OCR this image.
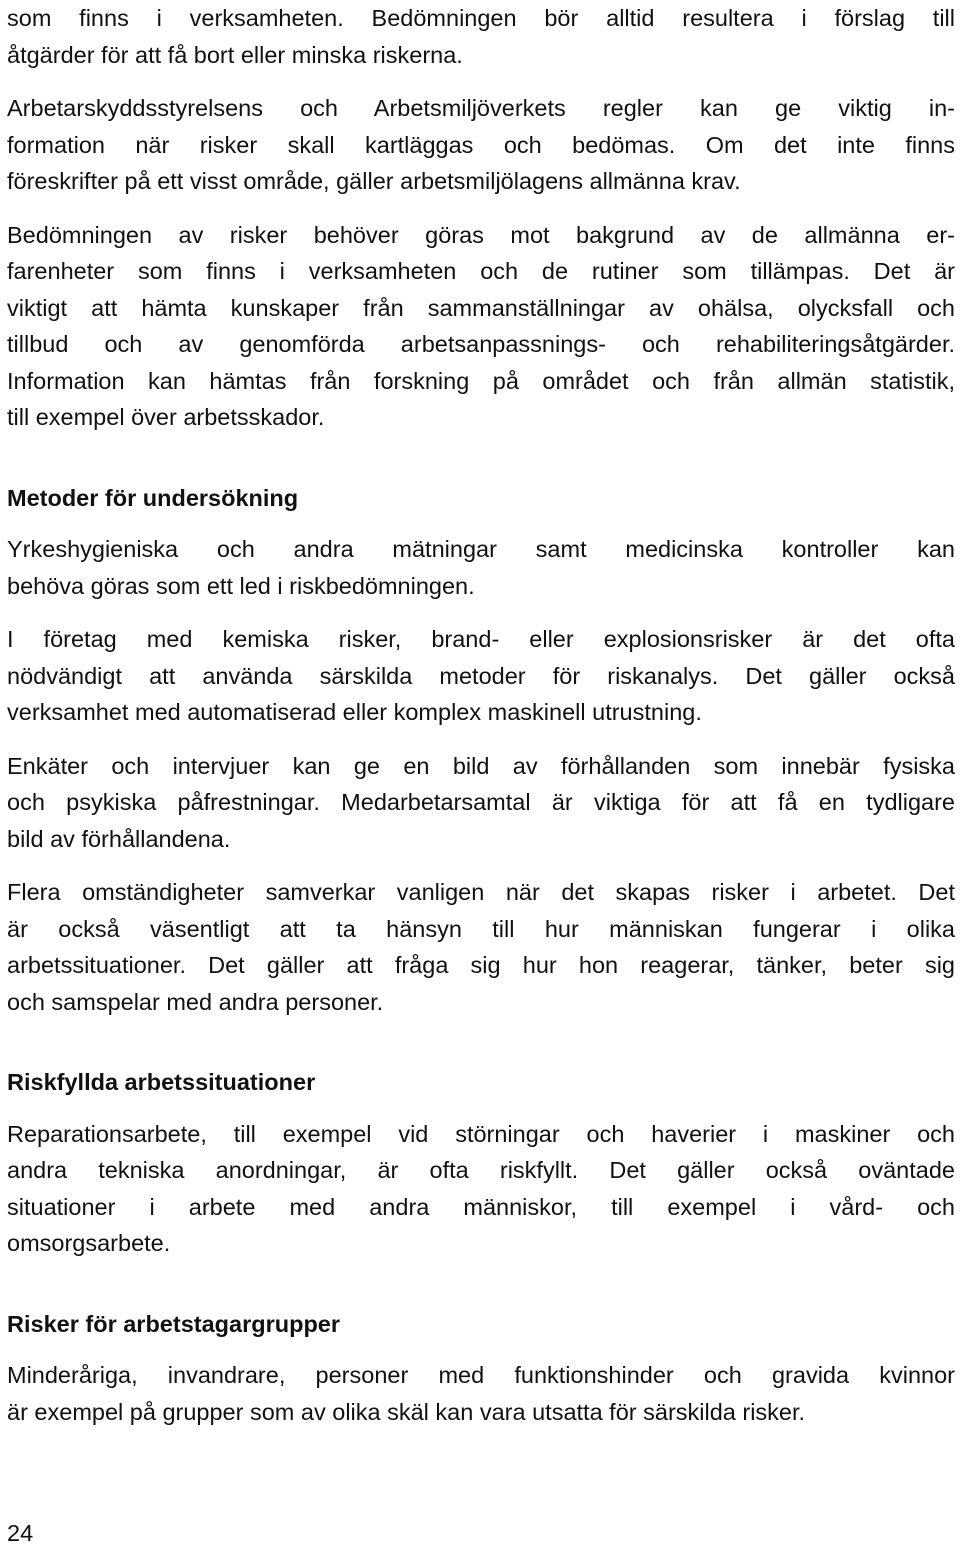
som finns i verksamheten. Bedömningen bör alltid resultera i förslag till
åtgärder för att få bort eller minska riskerna.
Arbetarskyddsstyrelsens och Arbetsmiljöverkets regler kan ge viktig in-
formation när risker skall kartläggas och bedömas. Om det inte finns
föreskrifter på ett visst område, gäller arbetsmiljölagens allmänna krav.
Bedömningen av risker behöver göras mot bakgrund av de allmänna er-
farenheter som finns i verksamheten och de rutiner som tillämpas. Det är
viktigt att hämta kunskaper från sammanställningar av ohälsa, olycksfall och
tillbud och av genomförda arbetsanpassnings- och rehabiliteringsåtgärder.
Information kan hämtas från forskning på området och från allmän statistik,
till exempel över arbetsskador.
Metoder för undersökning
Yrkeshygieniska och andra mätningar samt medicinska kontroller kan
behöva göras som ett led i riskbedömningen.
I företag med kemiska risker, brand- eller explosionsrisker är det ofta
nödvändigt att använda särskilda metoder för riskanalys. Det gäller också
verksamhet med automatiserad eller komplex maskinell utrustning.
Enkäter och intervjuer kan ge en bild av förhållanden som innebär fysiska
och psykiska påfrestningar. Medarbetarsamtal är viktiga för att få en tydligare
bild av förhållandena.
Flera omständigheter samverkar vanligen när det skapas risker i arbetet. Det
är också väsentligt att ta hänsyn till hur människan fungerar i olika
arbetssituationer. Det gäller att fråga sig hur hon reagerar, tänker, beter sig
och samspelar med andra personer.
Riskfyllda arbetssituationer
Reparationsarbete, till exempel vid störningar och haverier i maskiner och
andra tekniska anordningar, är ofta riskfyllt. Det gäller också oväntade
situationer i arbete med andra människor, till exempel i vård- och
omsorgsarbete.
Risker för arbetstagargrupper
Minderåriga, invandrare, personer med funktionshinder och gravida kvinnor
är exempel på grupper som av olika skäl kan vara utsatta för särskilda risker.
24
